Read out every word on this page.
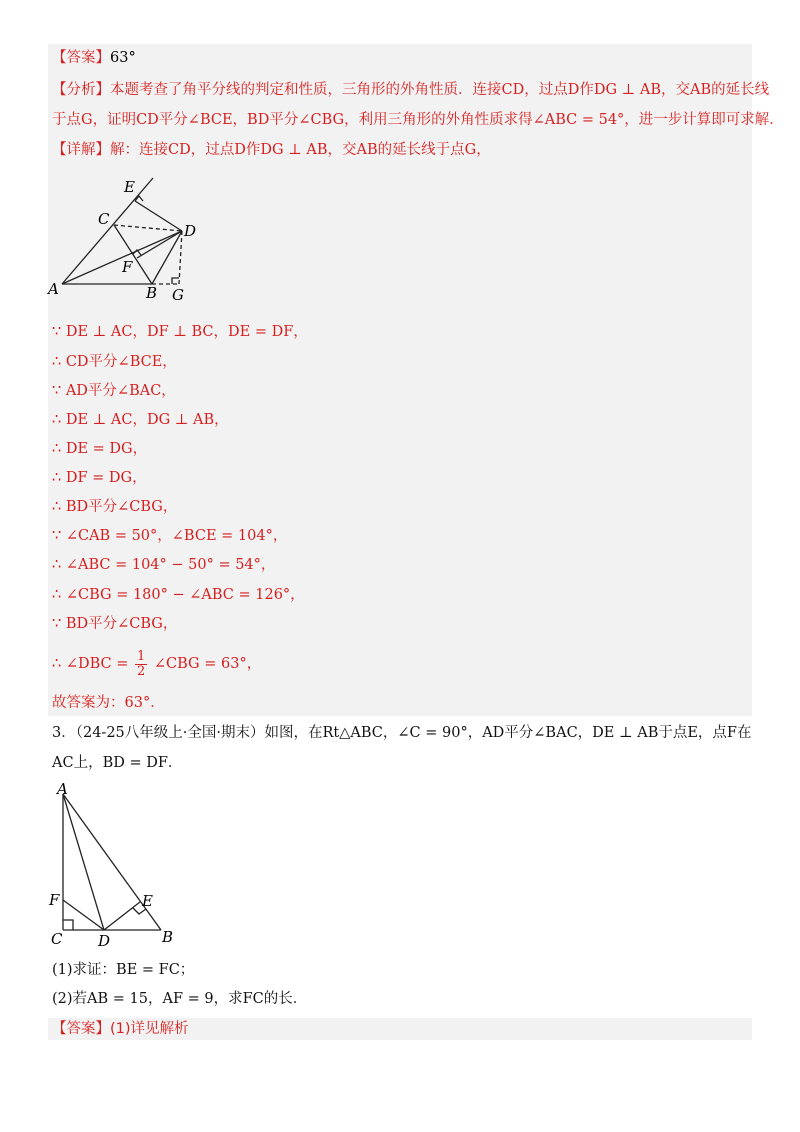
【答案】63°
【分析】本题考查了角平分线的判定和性质，三角形的外角性质．连接CD，过点D作DG ⊥ AB，交AB的延长线
于点G，证明CD平分∠BCE，BD平分∠CBG，利用三角形的外角性质求得∠ABC = 54°，进一步计算即可求解．
【详解】解：连接CD，过点D作DG ⊥ AB，交AB的延长线于点G，
E
C
D
F
A	B G
∵ DE ⊥ AC，DF ⊥ BC，DE = DF，
∴ CD平分∠BCE，
∵ AD平分∠BAC，
∴ DE ⊥ AC，DG ⊥ AB，
∴ DE = DG，
∴ DF = DG，
∴ BD平分∠CBG，
∵ ∠CAB = 50°，∠BCE = 104°，
∴ ∠ABC = 104° − 50° = 54°，
∴ ∠CBG = 180° − ∠ABC = 126°，
∵ BD平分∠CBG，
∴ ∠DBC = $\frac{1}{2}$ ∠CBG = 63°，
故答案为：63°．
3．（24-25八年级上·全国·期末）如图，在Rt△ABC，∠C = 90°，AD平分∠BAC，DE ⊥ AB于点E，点F在
AC上，BD = DF．
A
F	E
C D	B
(1)求证：BE = FC；
(2)若AB = 15，AF = 9，求FC的长．
【答案】(1)详见解析
